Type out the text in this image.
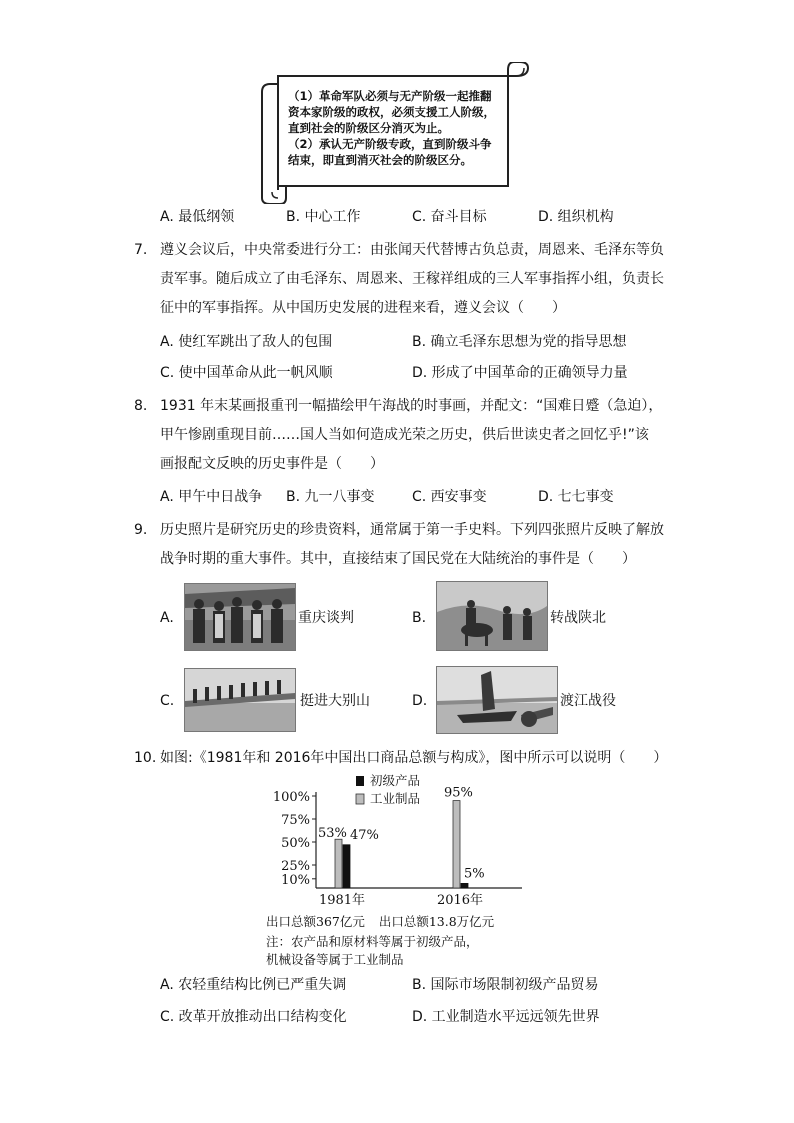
（1）革命军队必须与无产阶级一起推翻
资本家阶级的政权，必须支援工人阶级，
直到社会的阶级区分消灭为止。
（2）承认无产阶级专政，直到阶级斗争
结束，即直到消灭社会的阶级区分。
A. 最低纲领	B. 中心工作	C. 奋斗目标	D. 组织机构
7. 遵义会议后，中央常委进行分工：由张闻天代替博古负总责，周恩来、毛泽东等负
责军事。随后成立了由毛泽东、周恩来、王稼祥组成的三人军事指挥小组，负责长
征中的军事指挥。从中国历史发展的进程来看，遵义会议（　　）
A. 使红军跳出了敌人的包围	B. 确立毛泽东思想为党的指导思想
C. 使中国革命从此一帆风顺	D. 形成了中国革命的正确领导力量
8. 1931 年末某画报重刊一幅描绘甲午海战的时事画，并配文：“国难日蹙（急迫），
甲午惨剧重现目前……国人当如何造成光荣之历史，供后世读史者之回忆乎!”该
画报配文反映的历史事件是（　　）
A. 甲午中日战争 B. 九一八事变	C. 西安事变	D. 七七事变
9. 历史照片是研究历史的珍贵资料，通常属于第一手史料。下列四张照片反映了解放
战争时期的重大事件。其中，直接结束了国民党在大陆统治的事件是（　　）
A.	重庆谈判	B.	转战陕北
C.	挺进大别山	D.	渡江战役
10. 如图:《1981年和 2016年中国出口商品总额与构成》，图中所示可以说明（　　）
10%
25%
50%
75%
100%
1981年	2016年
53% 47%
95%
5%
初级产品
工业制品
出口总额367亿元 出口总额13.8万亿元
注：农产品和原材料等属于初级产品，
机械设备等属于工业制品
A. 农轻重结构比例已严重失调	B. 国际市场限制初级产品贸易
C. 改革开放推动出口结构变化	D. 工业制造水平远远领先世界
